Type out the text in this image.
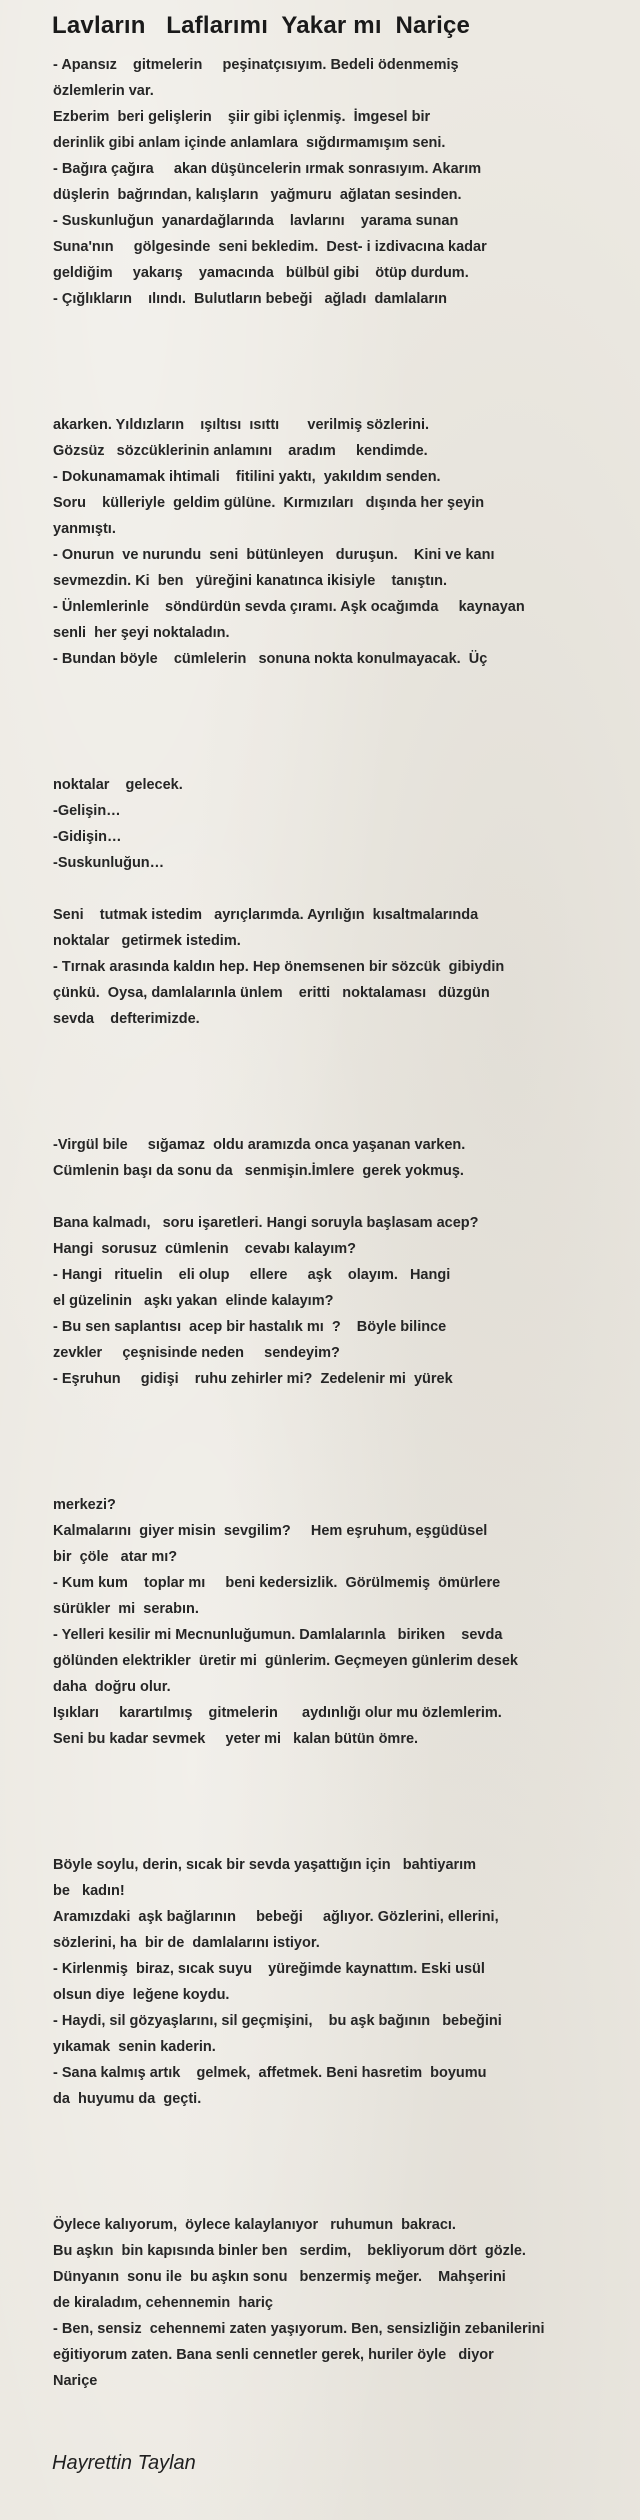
Lavların   Laflarımı  Yakar mı  Nariçe
- Apansız    gitmelerin     peşinatçısıyım. Bedeli ödenmemiş
özlemlerin var.
Ezberim  beri gelişlerin    şiir gibi içlenmiş.  İmgesel bir
derinlik gibi anlam içinde anlamlara  sığdırmamışım seni.
- Bağıra çağıra     akan düşüncelerin ırmak sonrasıyım. Akarım
düşlerin  bağrından, kalışların   yağmuru  ağlatan sesinden.
- Suskunluğun  yanardağlarında    lavlarını    yarama sunan
Suna'nın     gölgesinde  seni bekledim.  Dest- i izdivacına kadar
geldiğim     yakarış    yamacında   bülbül gibi    ötüp durdum.
- Çığlıkların    ılındı.  Bulutların bebeği   ağladı  damlaların
akarken. Yıldızların    ışıltısı  ısıttı       verilmiş sözlerini.
Gözsüz   sözcüklerinin anlamını    aradım     kendimde.
- Dokunamamak ihtimali    fitilini yaktı,  yakıldım senden.
Soru    külleriyle  geldim gülüne.  Kırmızıları   dışında her şeyin
yanmıştı.
- Onurun  ve nurundu  seni  bütünleyen   duruşun.    Kini ve kanı
sevmezdin. Ki  ben   yüreğini kanatınca ikisiyle    tanıştın.
- Ünlemlerinle    söndürdün sevda çıramı. Aşk ocağımda     kaynayan
senli  her şeyi noktaladın.
- Bundan böyle    cümlelerin   sonuna nokta konulmayacak.  Üç
noktalar    gelecek.
-Gelişin…
-Gidişin…
-Suskunluğun…
Seni    tutmak istedim   ayrıçlarımda. Ayrılığın  kısaltmalarında
noktalar   getirmek istedim.
- Tırnak arasında kaldın hep. Hep önemsenen bir sözcük  gibiydin
çünkü.  Oysa, damlalarınla ünlem    eritti   noktalaması   düzgün
sevda    defterimizde.
-Virgül bile     sığamaz  oldu aramızda onca yaşanan varken.
Cümlenin başı da sonu da   senmişin.İmlere  gerek yokmuş.
Bana kalmadı,   soru işaretleri. Hangi soruyla başlasam acep?
Hangi  sorusuz  cümlenin    cevabı kalayım?
- Hangi   rituelin    eli olup     ellere     aşk    olayım.   Hangi
el güzelinin   aşkı yakan  elinde kalayım?
- Bu sen saplantısı  acep bir hastalık mı  ?    Böyle bilince
zevkler     çeşnisinde neden     sendeyim?
- Eşruhun     gidişi    ruhu zehirler mi?  Zedelenir mi  yürek
merkezi?
Kalmalarını  giyer misin  sevgilim?     Hem eşruhum, eşgüdüsel
bir  çöle   atar mı?
- Kum kum    toplar mı     beni kedersizlik.  Görülmemiş  ömürlere
sürükler  mi  serabın.
- Yelleri kesilir mi Mecnunluğumun. Damlalarınla   biriken    sevda
gölünden elektrikler  üretir mi  günlerim. Geçmeyen günlerim desek
daha  doğru olur.
Işıkları     karartılmış    gitmelerin      aydınlığı olur mu özlemlerim.
Seni bu kadar sevmek     yeter mi   kalan bütün ömre.
Böyle soylu, derin, sıcak bir sevda yaşattığın için   bahtiyarım
be   kadın!
Aramızdaki  aşk bağlarının     bebeği     ağlıyor. Gözlerini, ellerini,
sözlerini, ha  bir de  damlalarını istiyor.
- Kirlenmiş  biraz, sıcak suyu    yüreğimde kaynattım. Eski usül
olsun diye  leğene koydu.
- Haydi, sil gözyaşlarını, sil geçmişini,    bu aşk bağının   bebeğini
yıkamak  senin kaderin.
- Sana kalmış artık    gelmek,  affetmek. Beni hasretim  boyumu
da  huyumu da  geçti.
Öylece kalıyorum,  öylece kalaylanıyor   ruhumun  bakracı.
Bu aşkın  bin kapısında binler ben   serdim,    bekliyorum dört  gözle.
Dünyanın  sonu ile  bu aşkın sonu   benzermiş meğer.    Mahşerini
de kiraladım, cehennemin  hariç
- Ben, sensiz  cehennemi zaten yaşıyorum. Ben, sensizliğin zebanilerini
eğitiyorum zaten. Bana senli cennetler gerek, huriler öyle   diyor
Nariçe
Hayrettin Taylan
